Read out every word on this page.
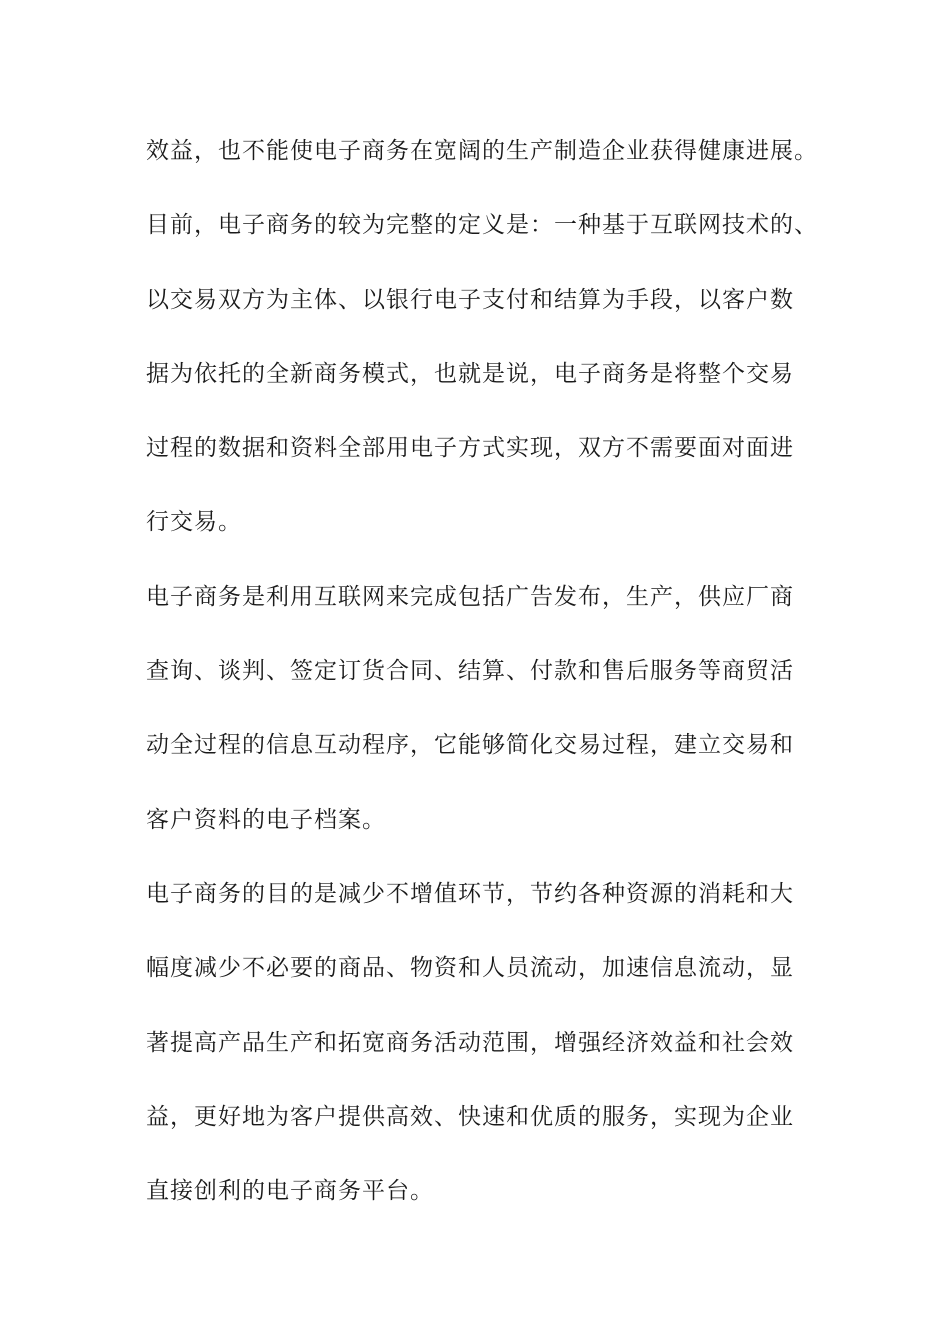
效益，也不能使电子商务在宽阔的生产制造企业获得健康进展。
目前，电子商务的较为完整的定义是：一种基于互联网技术的、
以交易双方为主体、以银行电子支付和结算为手段，以客户数
据为依托的全新商务模式，也就是说，电子商务是将整个交易
过程的数据和资料全部用电子方式实现，双方不需要面对面进
行交易。
电子商务是利用互联网来完成包括广告发布，生产，供应厂商
查询、谈判、签定订货合同、结算、付款和售后服务等商贸活
动全过程的信息互动程序，它能够简化交易过程，建立交易和
客户资料的电子档案。
电子商务的目的是减少不增值环节，节约各种资源的消耗和大
幅度减少不必要的商品、物资和人员流动，加速信息流动，显
著提高产品生产和拓宽商务活动范围，增强经济效益和社会效
益，更好地为客户提供高效、快速和优质的服务，实现为企业
直接创利的电子商务平台。
